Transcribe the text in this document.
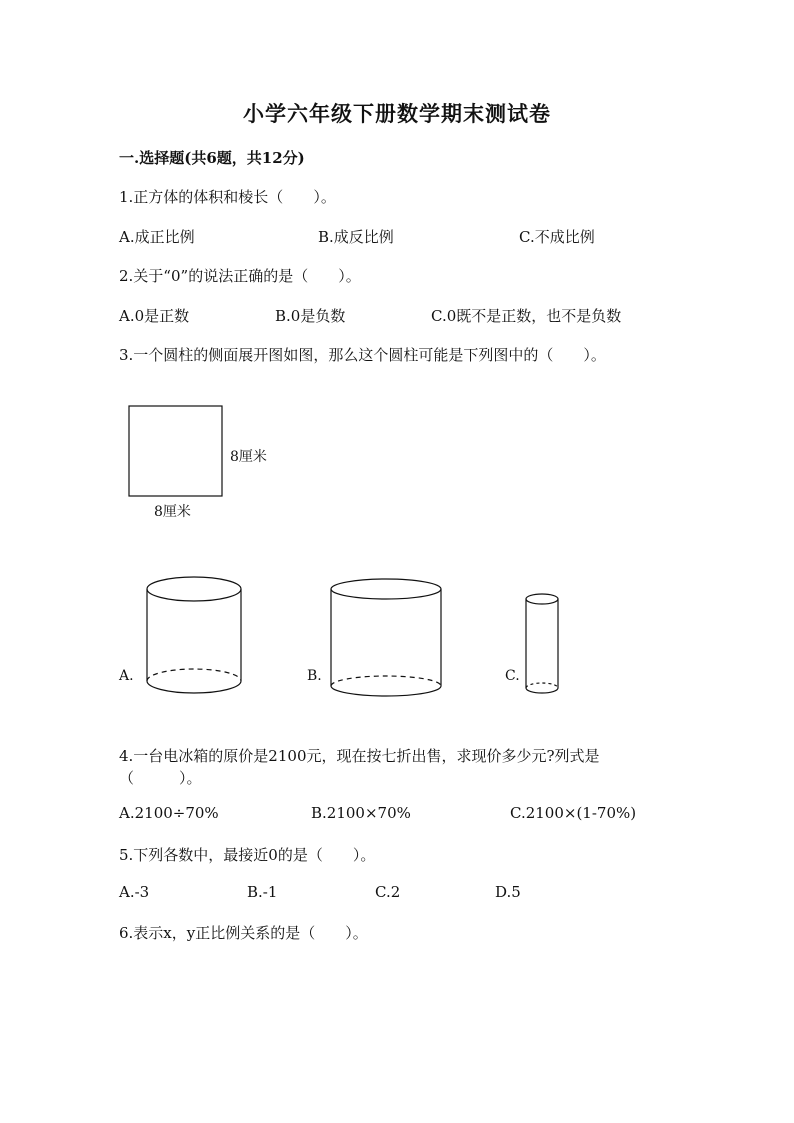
小学六年级下册数学期末测试卷
一.选择题(共6题，共12分)
1.正方体的体积和棱长（　　）。
A.成正比例	B.成反比例	C.不成比例
2.关于“0”的说法正确的是（　　）。
A.0是正数	B.0是负数	C.0既不是正数，也不是负数
3.一个圆柱的侧面展开图如图，那么这个圆柱可能是下列图中的（　　）。
8厘米
8厘米
A.	B.	C.
4.一台电冰箱的原价是2100元，现在按七折出售，求现价多少元?列式是
（　　　）。
A.2100÷70%	B.2100×70%	C.2100×(1-70%)
5.下列各数中，最接近0的是（　　）。
A.-3	B.-1	C.2	D.5
6.表示x，y正比例关系的是（　　）。
